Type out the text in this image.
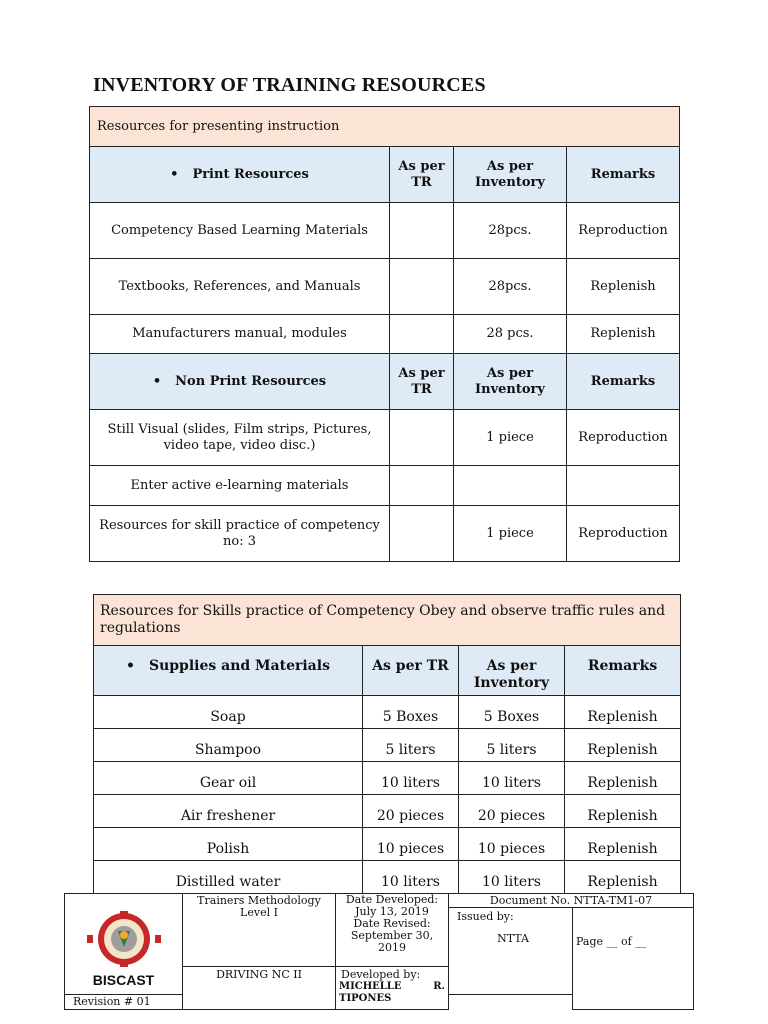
INVENTORY OF TRAINING RESOURCES
Resources for presenting instruction			
• Print Resources	As per TR	As per Inventory	Remarks
Competency Based Learning Materials		28pcs.	Reproduction
Textbooks, References, and Manuals		28pcs.	Replenish
Manufacturers manual, modules		28 pcs.	Replenish
• Non Print Resources	As per TR	As per Inventory	Remarks
Still Visual (slides, Film strips, Pictures, video tape, video disc.)		1 piece	Reproduction
Enter active e-learning materials			
Resources for skill practice of competency no: 3		1 piece	Reproduction
Resources for Skills practice of Competency Obey and observe traffic rules and regulations			
• Supplies and Materials	As per TR	As per Inventory	Remarks
Soap	5 Boxes	5 Boxes	Replenish
Shampoo	5 liters	5 liters	Replenish
Gear oil	10 liters	10 liters	Replenish
Air freshener	20 pieces	20 pieces	Replenish
Polish	10 pieces	10 pieces	Replenish
Distilled water	10 liters	10 liters	Replenish
BISCAST	Trainers Methodology Level I	Date Developed:
July 13, 2019
Date Revised:
September 30, 2019	Document No. NTTA-TM1-07	

			Issued by:
NTTA	Page __ of __
	DRIVING NC II	Developed by:
MICHELLE R.
TIPONES		

Revision # 01				
